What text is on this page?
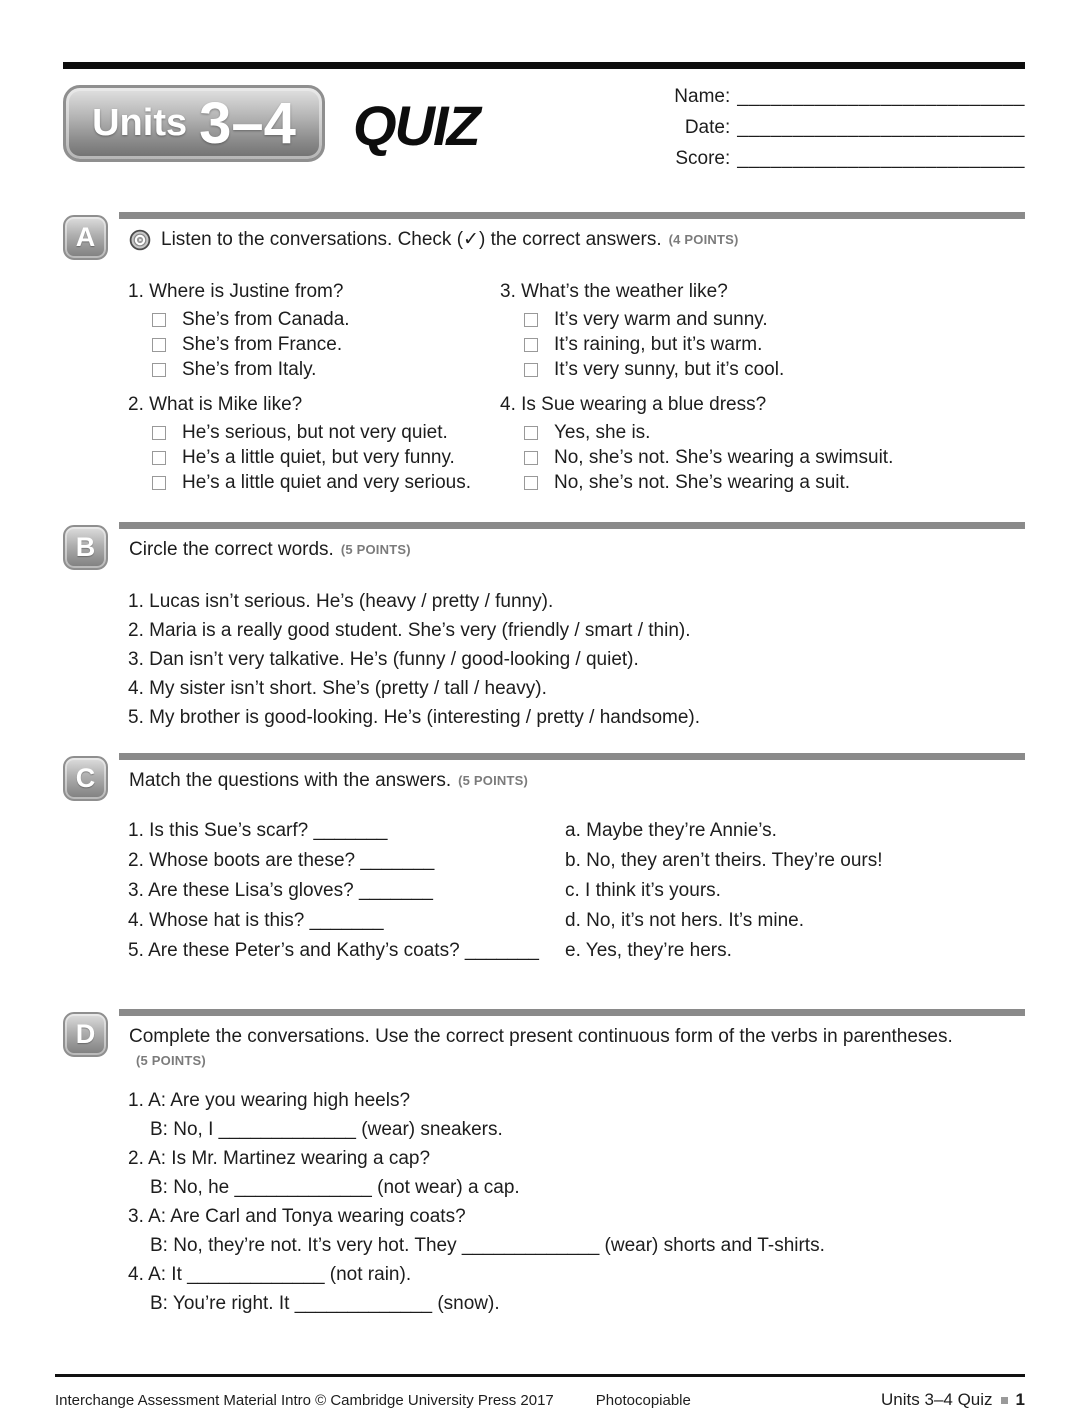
Units 3–4 QUIZ	Name: __________________________
Date: __________________________
Score: __________________________
A	Listen to the conversations. Check (✓) the correct answers. (4 POINTS)
1. Where is Justine from?
She’s from Canada.
She’s from France.
She’s from Italy.
2. What is Mike like?
He’s serious, but not very quiet.
He’s a little quiet, but very funny.
He’s a little quiet and very serious.
3. What’s the weather like?
It’s very warm and sunny.
It’s raining, but it’s warm.
It’s very sunny, but it’s cool.
4. Is Sue wearing a blue dress?
Yes, she is.
No, she’s not. She’s wearing a swimsuit.
No, she’s not. She’s wearing a suit.
B	Circle the correct words. (5 POINTS)
1. Lucas isn’t serious. He’s (heavy / pretty / funny).
2. Maria is a really good student. She’s very (friendly / smart / thin).
3. Dan isn’t very talkative. He’s (funny / good-looking / quiet).
4. My sister isn’t short. She’s (pretty / tall / heavy).
5. My brother is good-looking. He’s (interesting / pretty / handsome).
C	Match the questions with the answers. (5 POINTS)
1. Is this Sue’s scarf? _______
2. Whose boots are these? _______
3. Are these Lisa’s gloves? _______
4. Whose hat is this? _______
5. Are these Peter’s and Kathy’s coats? _______
a. Maybe they’re Annie’s.
b. No, they aren’t theirs. They’re ours!
c. I think it’s yours.
d. No, it’s not hers. It’s mine.
e. Yes, they’re hers.
D	Complete the conversations. Use the correct present continuous form of the verbs in parentheses.
(5 POINTS)
1. A: Are you wearing high heels?
B: No, I _____________ (wear) sneakers.
2. A: Is Mr. Martinez wearing a cap?
B: No, he _____________ (not wear) a cap.
3. A: Are Carl and Tonya wearing coats?
B: No, they’re not. It’s very hot. They _____________ (wear) shorts and T-shirts.
4. A: It _____________ (not rain).
B: You’re right. It _____________ (snow).
Interchange Assessment Material Intro © Cambridge University Press 2017	Photocopiable	Units 3–4 Quiz 1
